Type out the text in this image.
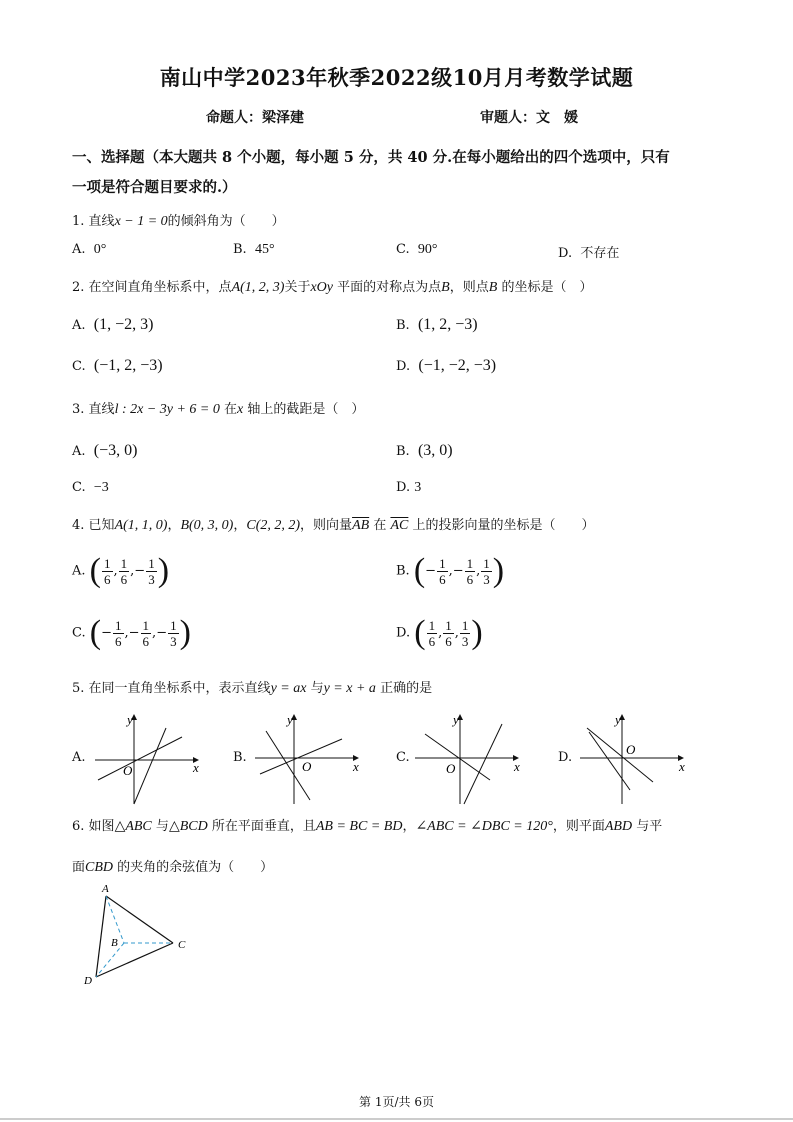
南山中学2023年秋季2022级10月月考数学试题
命题人：梁泽建	审题人：文　媛
一、选择题（本大题共 8 个小题，每小题 5 分，共 40 分.在每小题给出的四个选项中，只有
一项是符合题目要求的.）
1. 直线x − 1 = 0的倾斜角为（　　）
A. 0°	B. 45°	C. 90°	D. 不存在
2. 在空间直角坐标系中，点A(1, 2, 3)关于xOy 平面的对称点为点B，则点B 的坐标是（　）
A. (1, −2, 3)	B. (1, 2, −3)
C. (−1, 2, −3)	D. (−1, −2, −3)
3. 直线l : 2x − 3y + 6 = 0 在x 轴上的截距是（　）
A. (−3, 0)	B. (3, 0)
C. −3	D. 3
4. 已知A(1, 1, 0)，B(0, 3, 0)，C(2, 2, 2)，则向量$\overline{AB}$ 在 $\overline{AC}$ 上的投影向量的坐标是（　　）
A. ( $\frac{1}{6}$ , $\frac{1}{6}$ ,− $\frac{1}{3}$ )	B. (− $\frac{1}{6}$ ,− $\frac{1}{6}$ , $\frac{1}{3}$ )
C. (− $\frac{1}{6}$ ,− $\frac{1}{6}$ ,− $\frac{1}{3}$ )	D. ( $\frac{1}{6}$ , $\frac{1}{6}$ , $\frac{1}{3}$ )
5. 在同一直角坐标系中，表示直线y = ax 与y = x + a 正确的是
A.
x
y
O
B.
x
y
O
C.
x
y
O
D.
x
y
O
6. 如图△ABC 与△BCD 所在平面垂直，且AB = BC = BD，∠ABC = ∠DBC = 120°，则平面ABD 与平
面CBD 的夹角的余弦值为（　　）
A
B	C
D
第 1页/共 6页
